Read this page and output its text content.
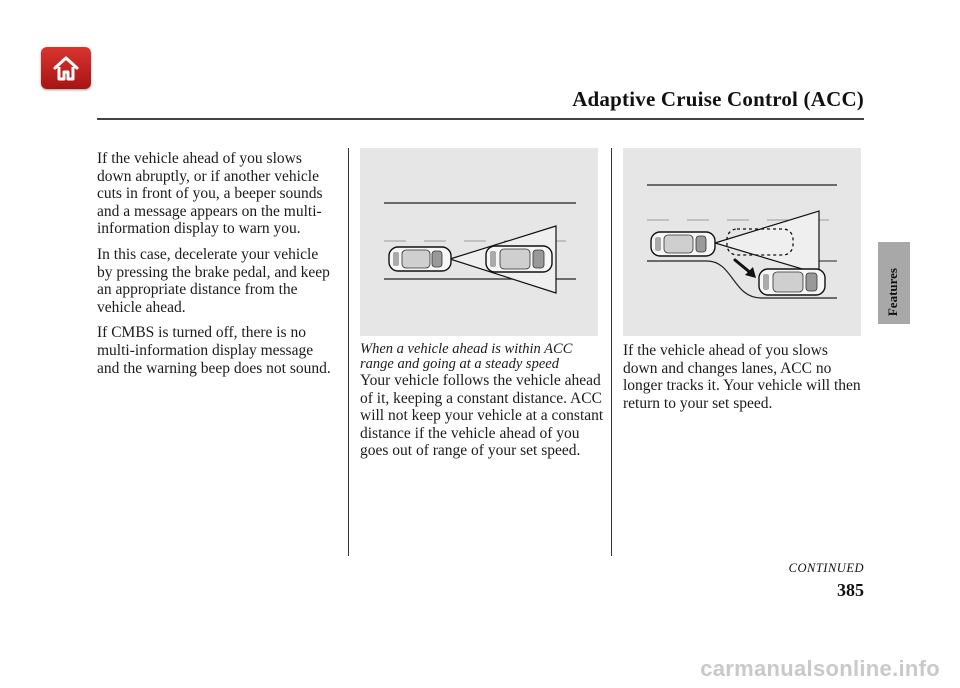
Adaptive Cruise Control (ACC)
Features

If the vehicle ahead of you slows down abruptly, or if another vehicle cuts in front of you, a beeper sounds and a message appears on the multi-information display to warn you.

In this case, decelerate your vehicle by pressing the brake pedal, and keep an appropriate distance from the vehicle ahead.

If CMBS is turned off, there is no multi-information display message and the warning beep does not sound.

When a vehicle ahead is within ACC range and going at a steady speed
Your vehicle follows the vehicle ahead of it, keeping a constant distance. ACC will not keep your vehicle at a constant distance if the vehicle ahead of you goes out of range of your set speed.
If the vehicle ahead of you slows down and changes lanes, ACC no longer tracks it. Your vehicle will then return to your set speed.
CONTINUED
385
carmanualsonline.info
